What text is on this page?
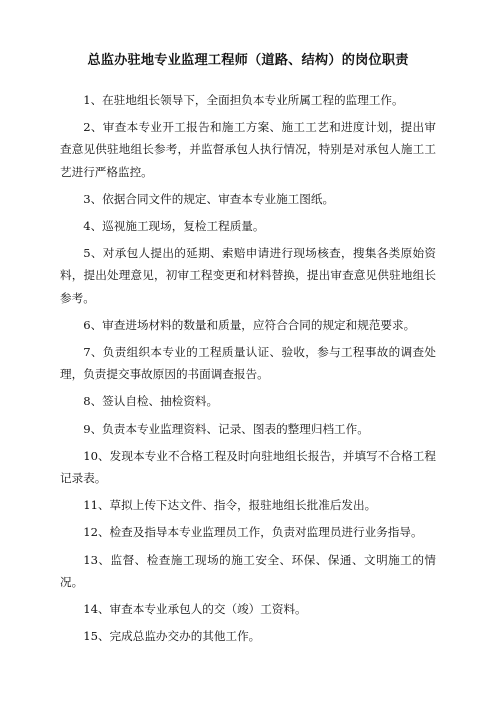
总监办驻地专业监理工程师（道路、结构）的岗位职责

1、在驻地组长领导下，全面担负本专业所属工程的监理工作。

2、审查本专业开工报告和施工方案、施工工艺和进度计划，提出审查意见供驻地组长参考，并监督承包人执行情况，特别是对承包人施工工艺进行严格监控。

3、依据合同文件的规定、审查本专业施工图纸。

4、巡视施工现场，复检工程质量。

5、对承包人提出的延期、索赔申请进行现场核查，搜集各类原始资料，提出处理意见，初审工程变更和材料替换，提出审查意见供驻地组长参考。

6、审查进场材料的数量和质量，应符合合同的规定和规范要求。

7、负责组织本专业的工程质量认证、验收，参与工程事故的调查处理，负责提交事故原因的书面调查报告。

8、签认自检、抽检资料。

9、负责本专业监理资料、记录、图表的整理归档工作。

10、发现本专业不合格工程及时向驻地组长报告，并填写不合格工程记录表。

11、草拟上传下达文件、指令，报驻地组长批准后发出。

12、检查及指导本专业监理员工作，负责对监理员进行业务指导。

13、监督、检查施工现场的施工安全、环保、保通、文明施工的情况。

14、审查本专业承包人的交（竣）工资料。

15、完成总监办交办的其他工作。
